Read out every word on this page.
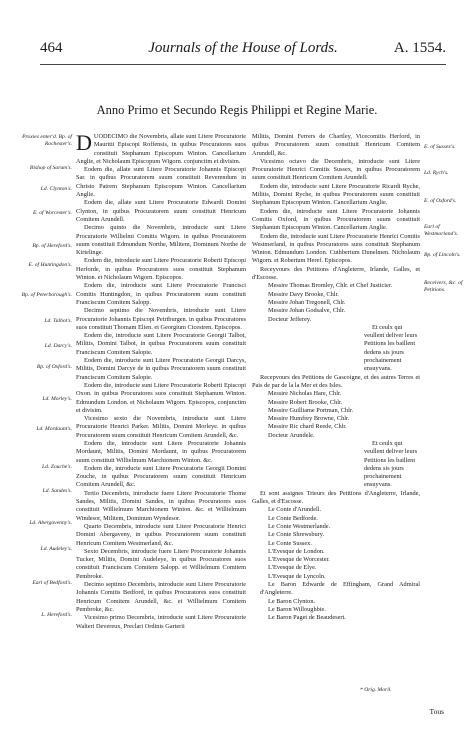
464	Journals of the House of Lords.	A. 1554.
Anno Primo et Secundo Regis Philippi et Regine Marie.
Proxies enter'd. Bp. of Rochester's.
Bishop of Sarum's.
Ld. Clynton's.
E. of Worcester's.
Bp. of Hereford's.
E. of Huntingdon's.
Bp. of Peterborough's.
Ld. Talbot's.
Ld. Darcy's.
Bp. of Oxford's.
Ld. Morley's.
Ld. Mordaunt's.
Ld. Zouche's.
Ld. Sandes's.
Ld. Abergavenny's.
Ld. Audeley's.
Earl of Bedford's.
L. Hereford's.

DUODECIMO die Novembris, allate sunt Litere Procuratorie Mauritii Episcopi Roffensis, in quibus Procuratores suos constituit Stephanum Episcopum Winton. Cancellarium Anglie, et Nicholaum Episcopum Wigorn. conjunctim et divisim.

Eodem die, allate sunt Litere Procuratorie Johannis Episcopi Sar. in quibus Procuratorem suum constituit Reverendum in Christo Patrem Stephanum Episcopum Winton. Cancellarium Anglie.

Eodem die, allate sunt Litere Procuratorie Edwardi Domini Clynton, in quibus Procuratorem suum constituit Henricum Comitem Arundell.

Decimo quinto die Novembris, introducte sunt Litere Procuratorie Willielmi Comitis Wigorn. in quibus Procuratorem suum constituit Edmundum Northe, Militem, Dominum Northe de Kirtelinge.

Eodem die, introducte sunt Litere Procuratorie Roberti Episcopi Herforde, in quibus Procuratores suos constituit Stephanum Winton. et Nicholaum Wigorn. Episcopos.

Eodem die, introducte sunt Litere Procuratorie Francisci Comitis Huntingdon, in quibus Procuratorem suum constituit Franciscum Comitem Salopp.

Decimo septimo die Novembris, introducte sunt Litere Procuratorie Johannis Episcopi Petriburgen. in quibus Procuratores suos constituit Thomam Elien. et Georgium Cicestren. Episcopos.

Eodem die, introducte sunt Litere Procuratorie Georgii Talbot, Militis, Domini Talbot, in quibus Procuratorem suum constituit Franciscum Comitem Salopie.

Eodem die, introducte sunt Litere Procuratorie Georgii Darcys, Militis, Domini Darcye de in quibus Procuratorem suum constituit Franciscum Comitem Salopie.

Eodem die, introducte sunt Litere Procuratorie Roberti Episcopi Oxon. in quibus Procuratores suos constituit Stephanum Winton. Edmundum London. et Nicholaum Wigorn. Episcopos, conjunctim et divisim.

Vicesimo sexto die Novembris, introducte sunt Litere Procuratorie Henrici Parker. Militis, Domini Morleye. in quibus Procuratorem suum constituit Henricum Comitem Arundell, &c.

Eodem die, introducte sunt Litere Procuratorie Johannis Mordaunt, Militis, Domini Mordaunt, in quibus Procuratorem suum constituit Willielmum Marchionem Winton. &c.

Eodem die, introducte sunt Litere Procuratorie Georgii Domini Zouche, in quibus Procuratorem suum constituit Henricum Comitem Arundell, &c.

Tertio Decembris, introducte fuere Litere Procuratorie Thome Sandes, Militis, Domini Sandes, in quibus Procuratores suos constituit Willielmum Marchionem Winton. &c. et Willielmum Windesor, Militem, Dominum Wyndesor.

Quarto Decembris, introducte sunt Litere Procuratorie Henrici Domini Abergaveny, in quibus Procuratorem suum constituit Henricum Comitem Westmerland, &c.

Sexto Decembris, introducte fuere Litere Procuratorie Johannis Tucker, Militis, Domini Audeleye, in quibus Procuratores suos constituit Franciscum Comitem Salopp. et Willielmum Comitem Pembroke.

Decimo septimo Decembris, introducte sunt Litere Procuratorie Johannis Comitis Bedford, in quibus Procuratores suos constituit Henricum Comitem Arundell, &c. et Willielmum Comitem Pembroke, &c.

Vicesimo primo Decembris, introducte sunt Litere Procuratorie Walteri Devereux, Preclari Ordinis Garterii

Militis, Domini Ferrers de Chartley, Vicecomitis Herford, in quibus Procuratorem suum constituit Henricum Comitem Arundell, &c.

Vicesimo octavo die Decembris, introducte sunt Litere Procuratorie Henrici Comitis Sussex, in quibus Procuratorem suum constituit Henricum Comitem Arundell.

Eodem die, introducte sunt Litere Procuratorie Ricardi Ryche, Militis, Domini Ryche, in quibus Procuratorem suum constituit Stephanum Episcopum Winton. Cancellarium Anglie.

Eodem die, introducte sunt Litere Procuratorie Johannis Comitis Oxford, in quibus Procuratorem suum constituit Stephanum Episcopum Winton. Cancellarium Anglie.

Eodem die, introducte sunt Litere Procuratorie Henrici Comitis Westmerland, in quibus Procuratores suos constituit Stephanum Winton. Edmundum London. Cuthbertum Dunelmen. Nicholaum Wigorn. et Robertum Heref. Episcopos.

Receyvours des Petitions d'Angleterre, Irlande, Galles, et d'Escosse.

Messire Thomas Bromley, Chlr. et Chef Justicier.

Messire Davy Brooke, Chlr.

Messire Johan Tregonell, Chlr.

Messire Johan Godsalve, Chlr.

Docteur Jefferey.

Et ceulx qui veullent deliver leurs Petitions les baillent dedens sis jours prochainement ensuyvans.

Recepvours des Petitions de Gascoigne, et des autres Terres et Pais de par de la la Mer et des Isles.

Messire Nicholas Hare, Chlr.

Messire Robert Brooke, Chlr.

Messire Guilliame Portman, Chlr.

Messire Humfrey Browne, Chlr.

Messire Ric chard Reede, Chlr.

Docteur Arundele.

Et ceulx qui veullent deliver leurs Petitions les baillent dedens sis jours prochainement ensuyvans.

Et sont assignes Trieurs des Petitions d'Angleterre, Irlande, Galles, et d'Escosse.

Le Conte d'Arundell.

Le Conte Bedforde.

Le Conte Westmerlande.

Le Conte Shrewsbury.

Le Conte Sussex.

L'Evesque de London.

L'Evesque de Worcester.

L'Evesque de Elye.

L'Evesque de Lyncoln.

Le Baron Edwarde de Effingham, Grand Admiral d'Angleterre.

Le Baron Clynton.

Le Baron Willoughbie.

Le Baron Paget de Beaudesert.

E. of Sussex's.
Ld. Rych's.
E. of Oxford's.
Earl of Westmorland's.
Bp. of Lincoln's.
Receivers, &c. of Petitions.
* Orig. Moril.
Tous
